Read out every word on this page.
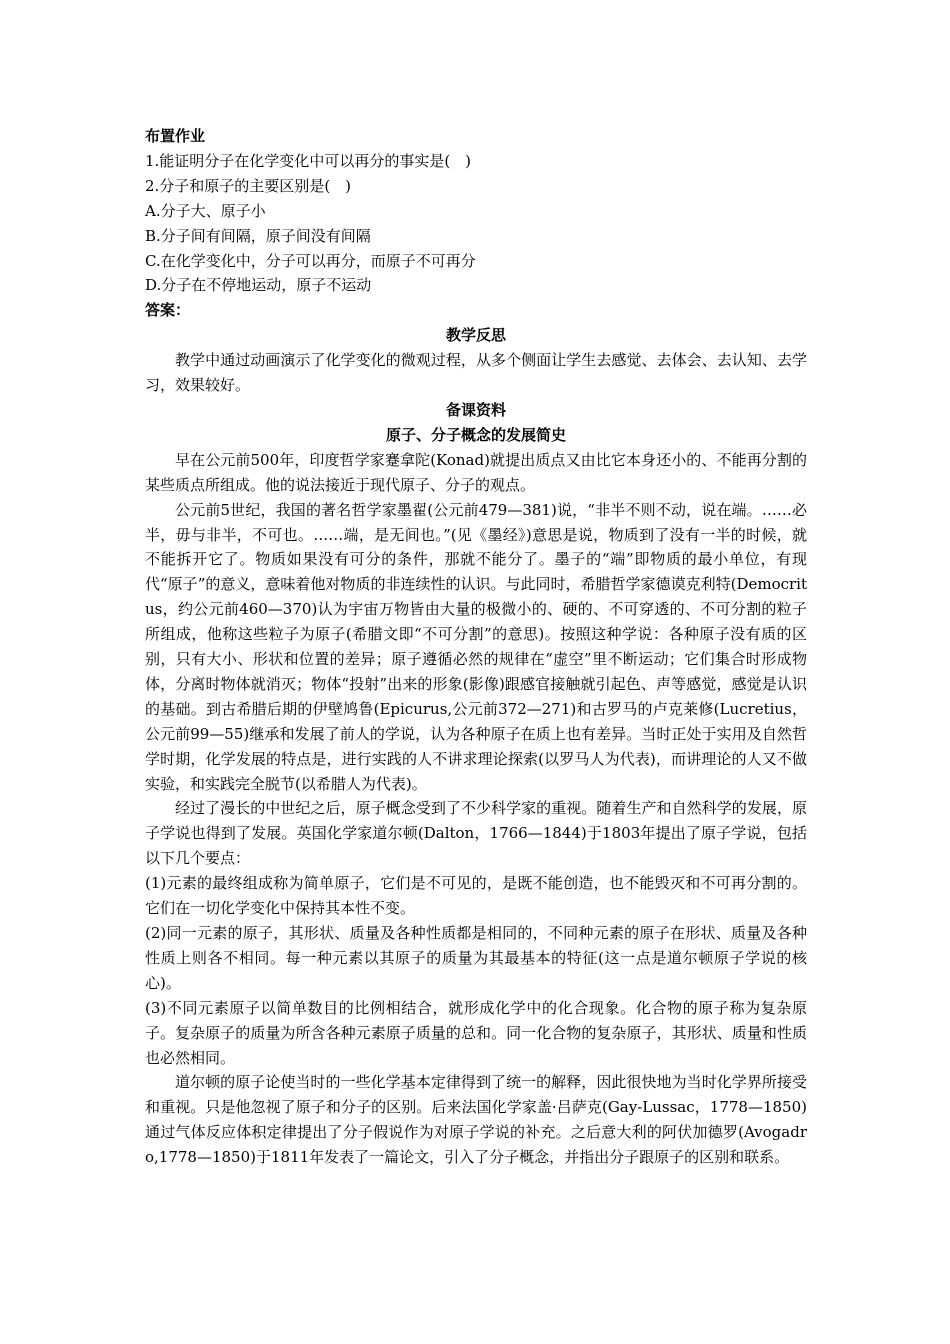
布置作业

1.能证明分子在化学变化中可以再分的事实是(　)

2.分子和原子的主要区别是(　)

A.分子大、原子小

B.分子间有间隔，原子间没有间隔

C.在化学变化中，分子可以再分，而原子不可再分

D.分子在不停地运动，原子不运动

答案：

教学反思

教学中通过动画演示了化学变化的微观过程，从多个侧面让学生去感觉、去体会、去认知、去学习，效果较好。

备课资料

原子、分子概念的发展简史

早在公元前500年，印度哲学家蹇拿陀(Konad)就提出质点又由比它本身还小的、不能再分割的某些质点所组成。他的说法接近于现代原子、分子的观点。

公元前5世纪，我国的著名哲学家墨翟(公元前479—381)说，“非半不则不动，说在端。……必半，毋与非半，不可也。……端，是无间也。”(见《墨经》)意思是说，物质到了没有一半的时候，就不能拆开它了。物质如果没有可分的条件，那就不能分了。墨子的“端”即物质的最小单位，有现代“原子”的意义，意味着他对物质的非连续性的认识。与此同时，希腊哲学家德谟克利特(Democritus，约公元前460—370)认为宇宙万物皆由大量的极微小的、硬的、不可穿透的、不可分割的粒子所组成，他称这些粒子为原子(希腊文即“不可分割”的意思)。按照这种学说：各种原子没有质的区别，只有大小、形状和位置的差异；原子遵循必然的规律在“虚空”里不断运动；它们集合时形成物体，分离时物体就消灭；物体“投射”出来的形象(影像)跟感官接触就引起色、声等感觉，感觉是认识的基础。到古希腊后期的伊壁鸠鲁(Epicurus,公元前372—271)和古罗马的卢克莱修(Lucretius，公元前99—55)继承和发展了前人的学说，认为各种原子在质上也有差异。当时正处于实用及自然哲学时期，化学发展的特点是，进行实践的人不讲求理论探索(以罗马人为代表)，而讲理论的人又不做实验，和实践完全脱节(以希腊人为代表)。

经过了漫长的中世纪之后，原子概念受到了不少科学家的重视。随着生产和自然科学的发展，原子学说也得到了发展。英国化学家道尔顿(Dalton，1766—1844)于1803年提出了原子学说，包括以下几个要点：

(1)元素的最终组成称为简单原子，它们是不可见的，是既不能创造，也不能毁灭和不可再分割的。它们在一切化学变化中保持其本性不变。

(2)同一元素的原子，其形状、质量及各种性质都是相同的，不同种元素的原子在形状、质量及各种性质上则各不相同。每一种元素以其原子的质量为其最基本的特征(这一点是道尔顿原子学说的核心)。

(3)不同元素原子以简单数目的比例相结合，就形成化学中的化合现象。化合物的原子称为复杂原子。复杂原子的质量为所含各种元素原子质量的总和。同一化合物的复杂原子，其形状、质量和性质也必然相同。

道尔顿的原子论使当时的一些化学基本定律得到了统一的解释，因此很快地为当时化学界所接受和重视。只是他忽视了原子和分子的区别。后来法国化学家盖·吕萨克(Gay-Lussac，1778—1850)通过气体反应体积定律提出了分子假说作为对原子学说的补充。之后意大利的阿伏加德罗(Avogadro,1778—1850)于1811年发表了一篇论文，引入了分子概念，并指出分子跟原子的区别和联系。
